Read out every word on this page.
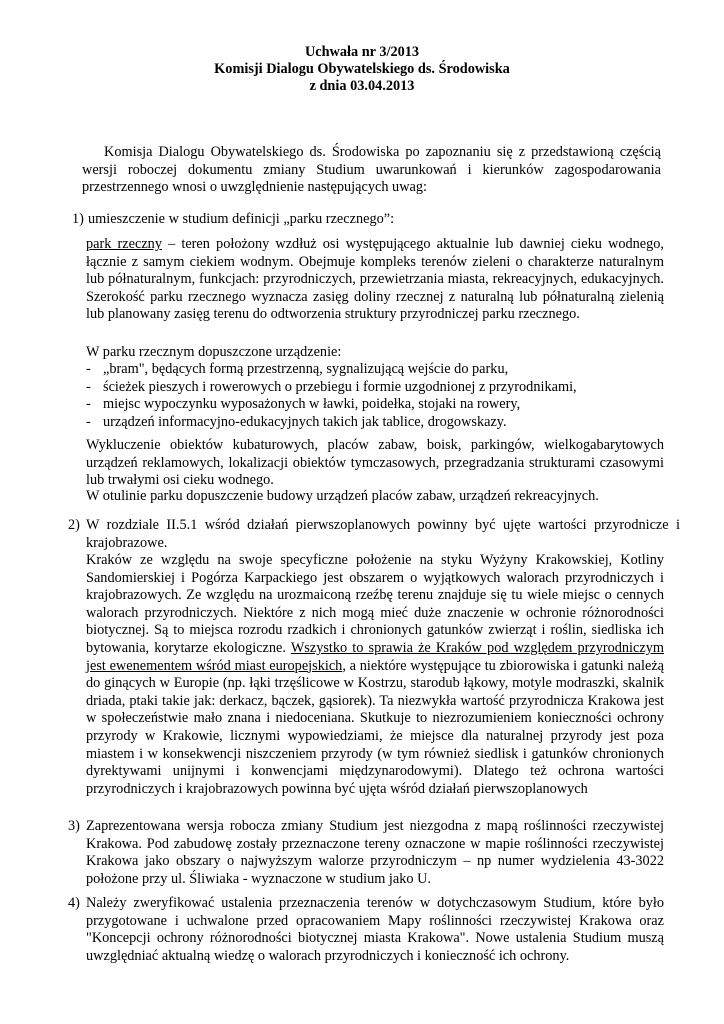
Uchwała nr 3/2013
Komisji Dialogu Obywatelskiego ds. Środowiska
z dnia 03.04.2013
Komisja Dialogu Obywatelskiego ds. Środowiska po zapoznaniu się z przedstawioną częścią wersji roboczej dokumentu zmiany Studium uwarunkowań i kierunków zagospodarowania przestrzennego wnosi o uwzględnienie następujących uwag:
1) umieszczenie w studium definicji „parku rzecznego”:
park rzeczny – teren położony wzdłuż osi występującego aktualnie lub dawniej cieku wodnego, łącznie z samym ciekiem wodnym. Obejmuje kompleks terenów zieleni o charakterze naturalnym lub półnaturalnym, funkcjach: przyrodniczych, przewietrzania miasta, rekreacyjnych, edukacyjnych. Szerokość parku rzecznego wyznacza zasięg doliny rzecznej z naturalną lub półnaturalną zielenią lub planowany zasięg terenu do odtworzenia struktury przyrodniczej parku rzecznego.
W parku rzecznym dopuszczone urządzenie:
- „bram", będących formą przestrzenną, sygnalizującą wejście do parku,
- ścieżek pieszych i rowerowych o przebiegu i formie uzgodnionej z przyrodnikami,
- miejsc wypoczynku wyposażonych w ławki, poidełka, stojaki na rowery,
- urządzeń informacyjno-edukacyjnych takich jak tablice, drogowskazy.
Wykluczenie obiektów kubaturowych, placów zabaw, boisk, parkingów, wielkogabarytowych urządzeń reklamowych, lokalizacji obiektów tymczasowych, przegradzania strukturami czasowymi lub trwałymi osi cieku wodnego.
W otulinie parku dopuszczenie budowy urządzeń placów zabaw, urządzeń rekreacyjnych.
2) W rozdziale II.5.1 wśród działań pierwszoplanowych powinny być ujęte wartości przyrodnicze i krajobrazowe.
Kraków ze względu na swoje specyficzne położenie na styku Wyżyny Krakowskiej, Kotliny Sandomierskiej i Pogórza Karpackiego jest obszarem o wyjątkowych walorach przyrodniczych i krajobrazowych. Ze względu na urozmaiconą rzeźbę terenu znajduje się tu wiele miejsc o cennych walorach przyrodniczych. Niektóre z nich mogą mieć duże znaczenie w ochronie różnorodności biotycznej. Są to miejsca rozrodu rzadkich i chronionych gatunków zwierząt i roślin, siedliska ich bytowania, korytarze ekologiczne. Wszystko to sprawia że Kraków pod względem przyrodniczym jest ewenementem wśród miast europejskich, a niektóre występujące tu zbiorowiska i gatunki należą do ginących w Europie (np. łąki trzęślicowe w Kostrzu, starodub łąkowy, motyle modraszki, skalnik driada, ptaki takie jak: derkacz, bączek, gąsiorek). Ta niezwykła wartość przyrodnicza Krakowa jest w społeczeństwie mało znana i niedoceniana. Skutkuje to niezrozumieniem konieczności ochrony przyrody w Krakowie, licznymi wypowiedziami, że miejsce dla naturalnej przyrody jest poza miastem i w konsekwencji niszczeniem przyrody (w tym również siedlisk i gatunków chronionych dyrektywami unijnymi i konwencjami międzynarodowymi). Dlatego też ochrona wartości przyrodniczych i krajobrazowych powinna być ujęta wśród działań pierwszoplanowych
3) Zaprezentowana wersja robocza zmiany Studium jest niezgodna z mapą roślinności rzeczywistej Krakowa. Pod zabudowę zostały przeznaczone tereny oznaczone w mapie roślinności rzeczywistej Krakowa jako obszary o najwyższym walorze przyrodniczym – np numer wydzielenia 43-3022 położone przy ul. Śliwiaka - wyznaczone w studium jako U.
4) Należy zweryfikować ustalenia przeznaczenia terenów w dotychczasowym Studium, które było przygotowane i uchwalone przed opracowaniem Mapy roślinności rzeczywistej Krakowa oraz "Koncepcji ochrony różnorodności biotycznej miasta Krakowa". Nowe ustalenia Studium muszą uwzględniać aktualną wiedzę o walorach przyrodniczych i konieczność ich ochrony.
